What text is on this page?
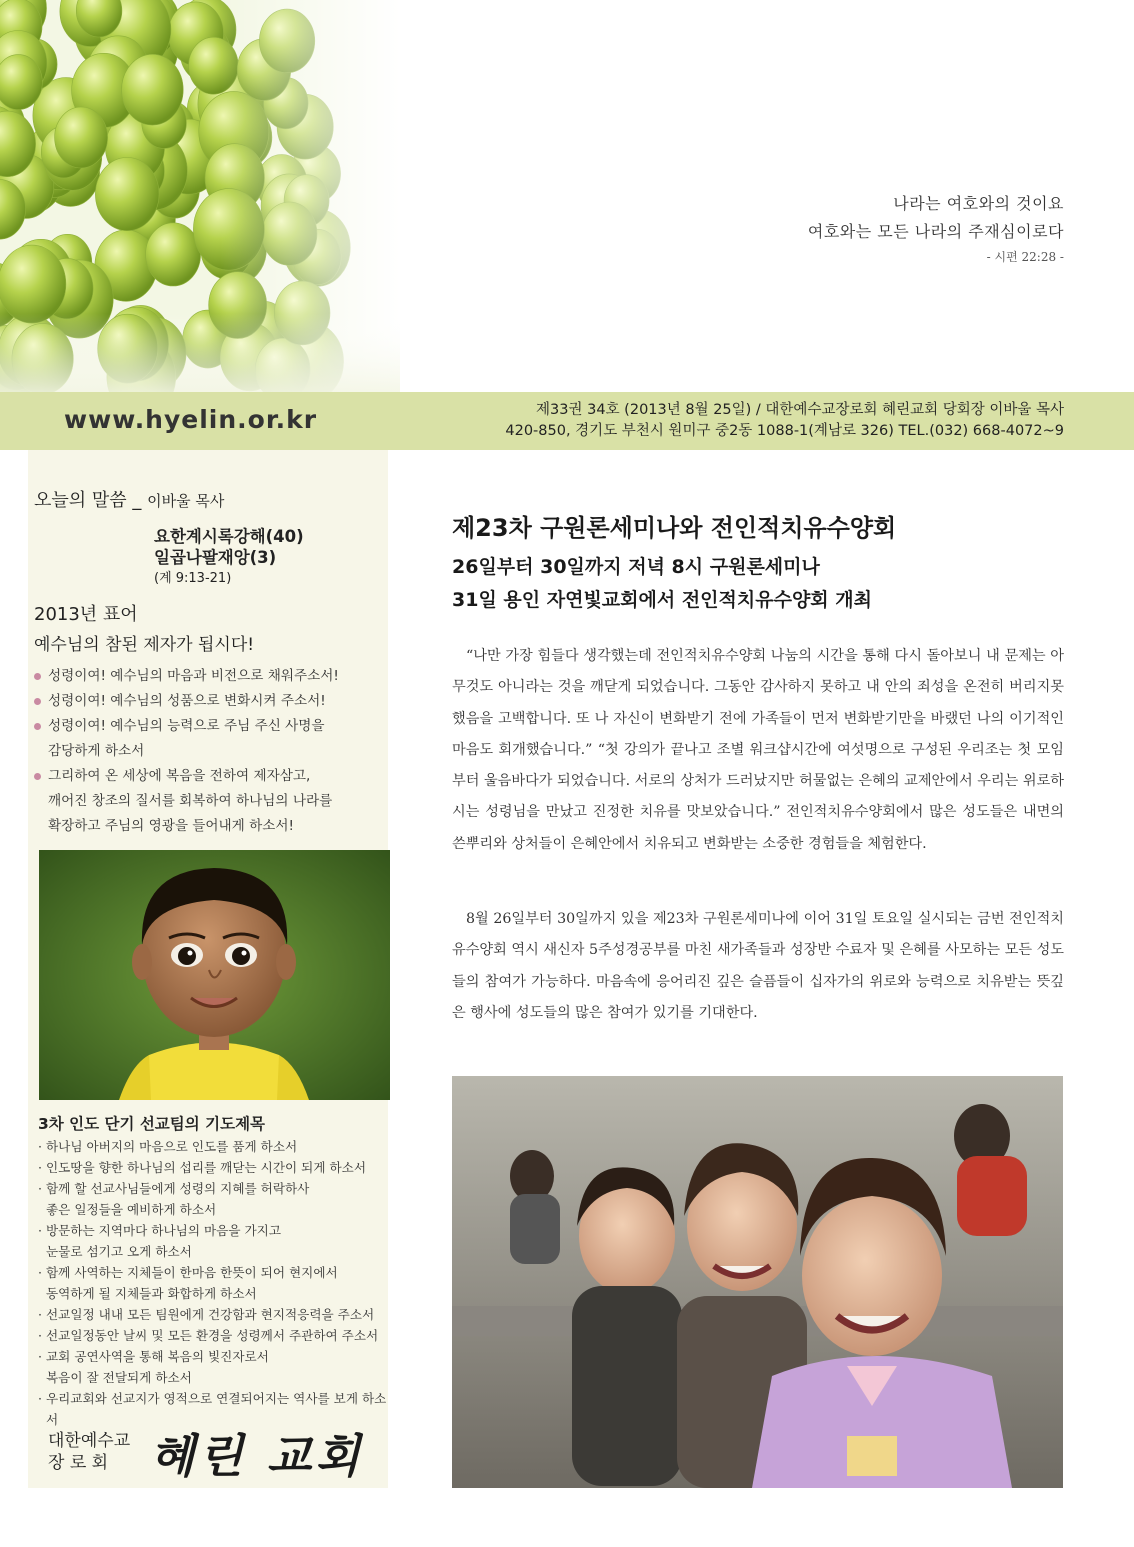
나라는 여호와의 것이요
여호와는 모든 나라의 주재심이로다
- 시편 22:28 -
www.hyelin.or.kr	제33권 34호 (2013년 8월 25일) / 대한예수교장로회 혜린교회 당회장 이바울 목사
420-850, 경기도 부천시 원미구 중2동 1088-1(계남로 326) TEL.(032) 668-4072~9
오늘의 말씀 _ 이바울 목사
요한계시록강해(40)
일곱나팔재앙(3)
(계 9:13-21)
2013년 표어
예수님의 참된 제자가 됩시다!
성령이여! 예수님의 마음과 비전으로 채워주소서!
성령이여! 예수님의 성품으로 변화시켜 주소서!
성령이여! 예수님의 능력으로 주님 주신 사명을
감당하게 하소서
그리하여 온 세상에 복음을 전하여 제자삼고,
깨어진 창조의 질서를 회복하여 하나님의 나라를
확장하고 주님의 영광을 들어내게 하소서!
3차 인도 단기 선교팀의 기도제목
· 하나님 아버지의 마음으로 인도를 품게 하소서
· 인도땅을 향한 하나님의 섭리를 깨닫는 시간이 되게 하소서
· 함께 할 선교사님들에게 성령의 지혜를 허락하사
좋은 일정들을 예비하게 하소서
· 방문하는 지역마다 하나님의 마음을 가지고
눈물로 섬기고 오게 하소서
· 함께 사역하는 지체들이 한마음 한뜻이 되어 현지에서
동역하게 될 지체들과 화합하게 하소서
· 선교일정 내내 모든 팀원에게 건강함과 현지적응력을 주소서
· 선교일정동안 날씨 및 모든 환경을 성령께서 주관하여 주소서
· 교회 공연사역을 통해 복음의 빛진자로서
복음이 잘 전달되게 하소서
· 우리교회와 선교지가 영적으로 연결되어지는 역사를 보게 하소서
대한예수교
장 로 회 혜린 교회
제23차 구원론세미나와 전인적치유수양회
26일부터 30일까지 저녁 8시 구원론세미나
31일 용인 자연빛교회에서 전인적치유수양회 개최

“나만 가장 힘들다 생각했는데 전인적치유수양회 나눔의 시간을 통해 다시 돌아보니 내 문제는 아무것도 아니라는 것을 깨닫게 되었습니다. 그동안 감사하지 못하고 내 안의 죄성을 온전히 버리지못했음을 고백합니다. 또 나 자신이 변화받기 전에 가족들이 먼저 변화받기만을 바랬던 나의 이기적인 마음도 회개했습니다.” “첫 강의가 끝나고 조별 워크샵시간에 여섯명으로 구성된 우리조는 첫 모임부터 울음바다가 되었습니다. 서로의 상처가 드러났지만 허물없는 은혜의 교제안에서 우리는 위로하시는 성령님을 만났고 진정한 치유를 맛보았습니다.” 전인적치유수양회에서 많은 성도들은 내면의 쓴뿌리와 상처들이 은혜안에서 치유되고 변화받는 소중한 경험들을 체험한다.

8월 26일부터 30일까지 있을 제23차 구원론세미나에 이어 31일 토요일 실시되는 금번 전인적치유수양회 역시 새신자 5주성경공부를 마친 새가족들과 성장반 수료자 및 은혜를 사모하는 모든 성도들의 참여가 가능하다. 마음속에 응어리진 깊은 슬픔들이 십자가의 위로와 능력으로 치유받는 뜻깊은 행사에 성도들의 많은 참여가 있기를 기대한다.
